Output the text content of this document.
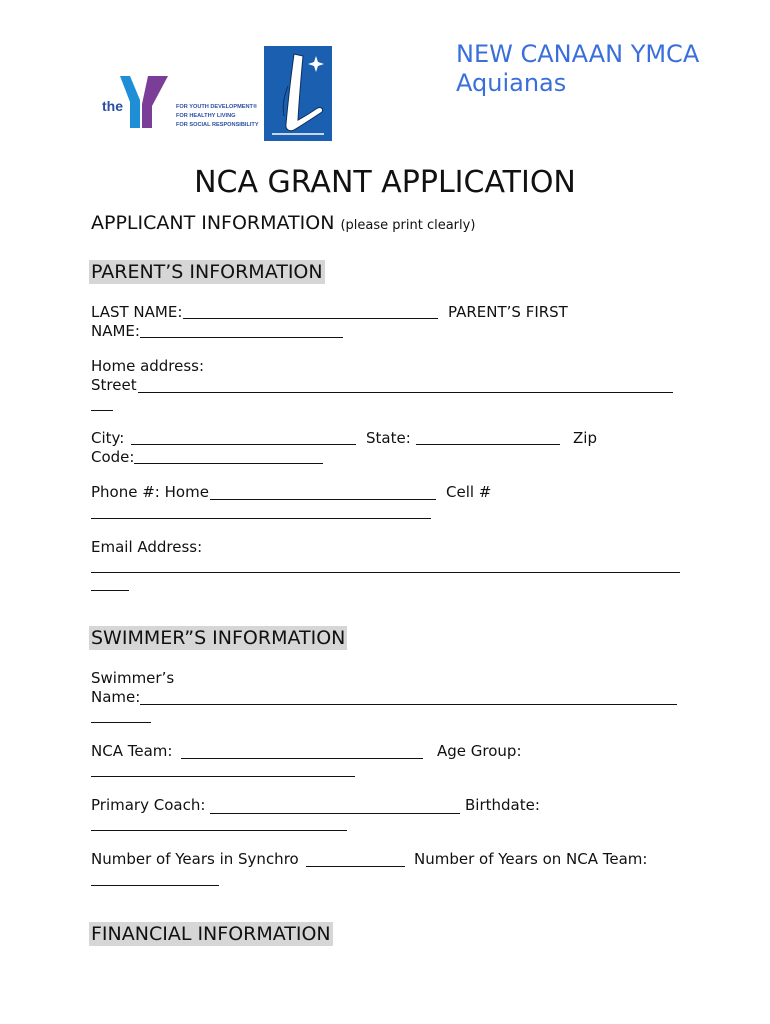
the	FOR YOUTH DEVELOPMENT®
FOR HEALTHY LIVING
FOR SOCIAL RESPONSIBILITY
NEW CANAAN YMCA
Aquianas
NCA GRANT APPLICATION
APPLICANT INFORMATION (please print clearly)
PARENT’S INFORMATION
LAST NAME:	PARENT’S FIRST
NAME:
Home address:
Street
City:	State:	Zip
Code:
Phone #: Home	Cell #
Email Address:
SWIMMER”S INFORMATION
Swimmer’s
Name:
NCA Team:	Age Group:
Primary Coach:	Birthdate:
Number of Years in Synchro	Number of Years on NCA Team:
FINANCIAL INFORMATION
